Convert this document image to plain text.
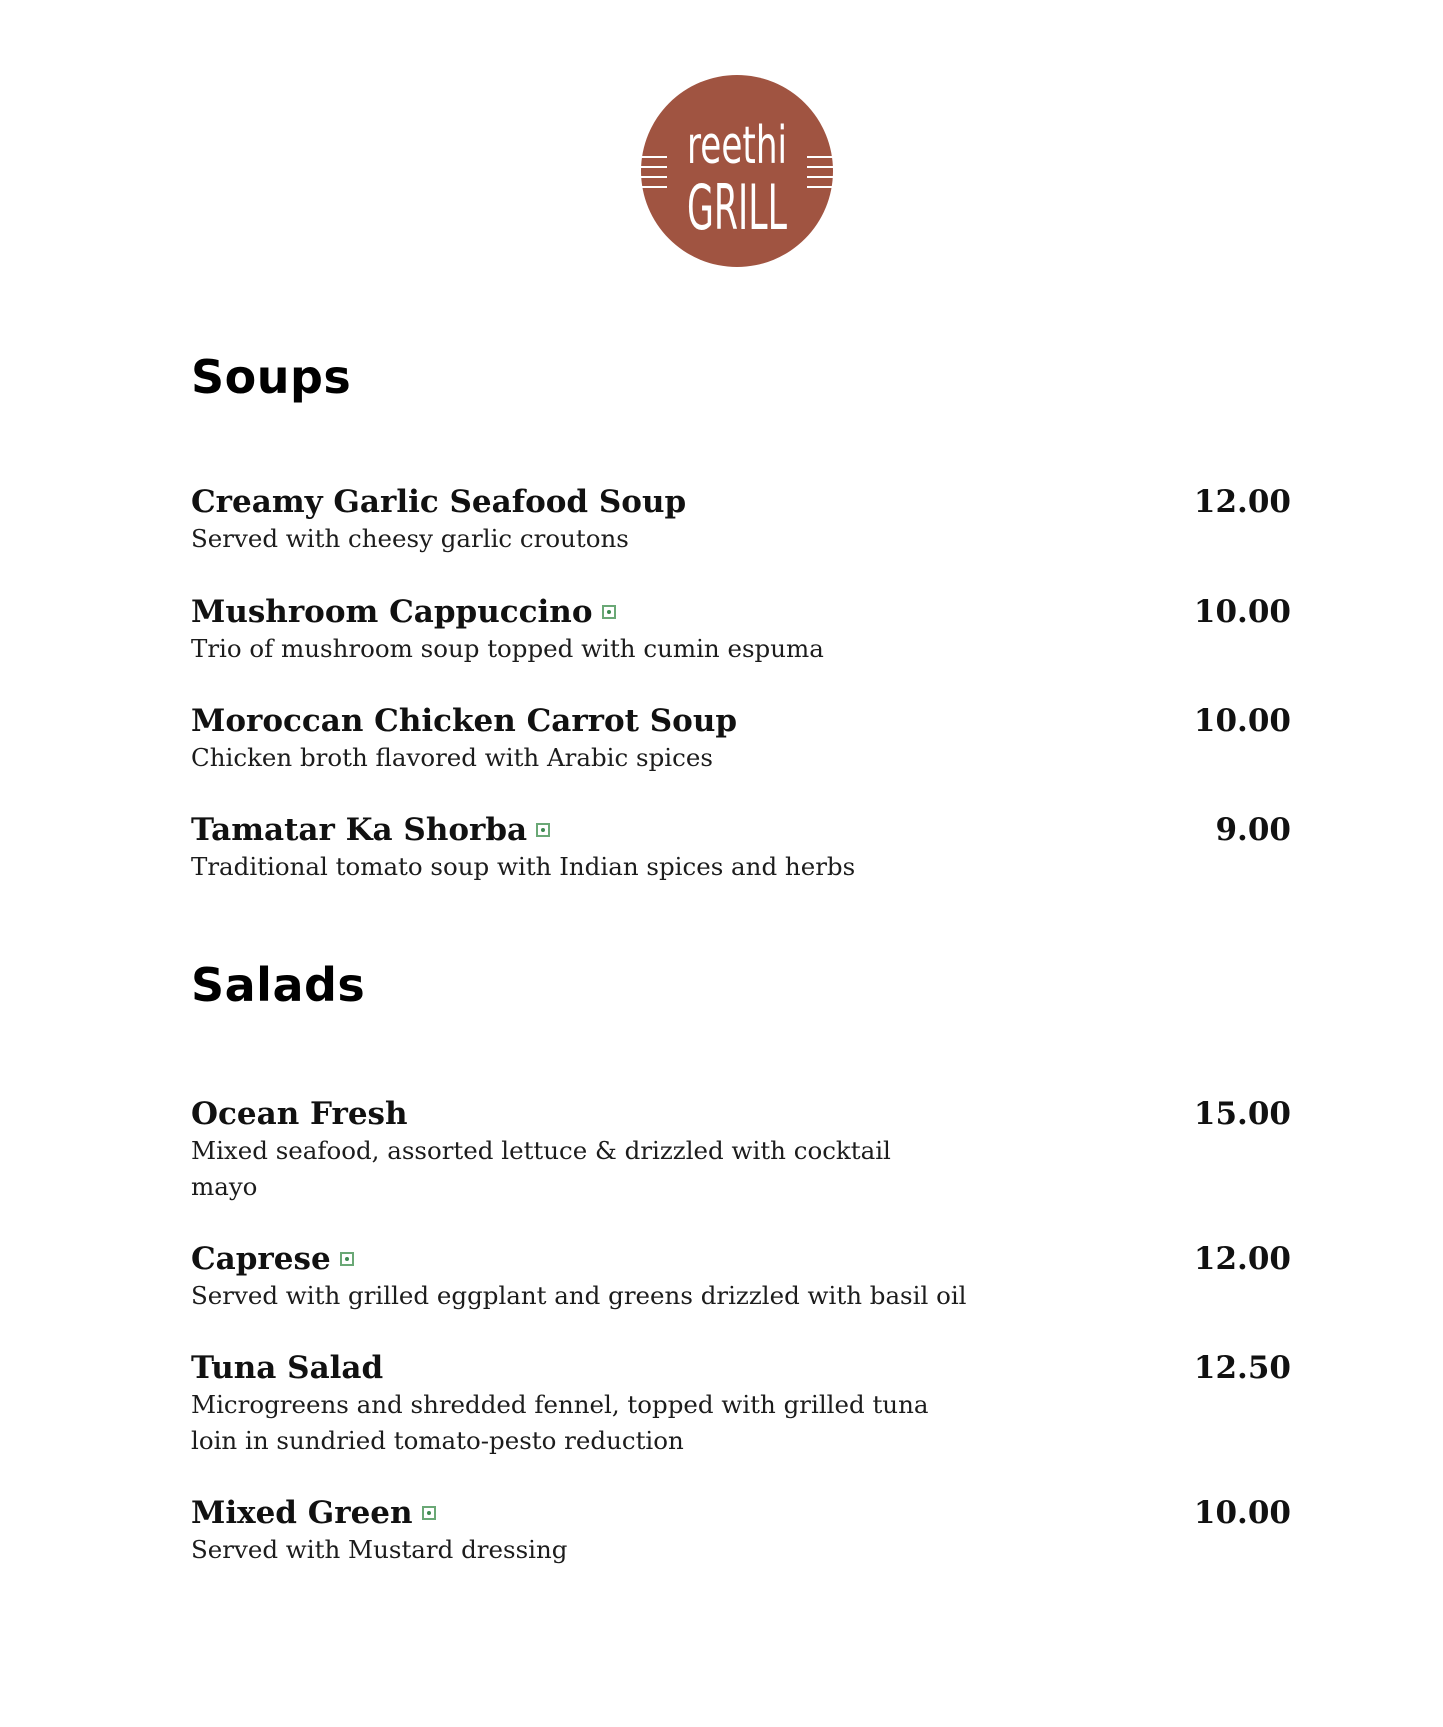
reethi
GRILL
Soups
Creamy Garlic Seafood Soup	12.00
Served with cheesy garlic croutons
Mushroom Cappuccino	10.00
Trio of mushroom soup topped with cumin espuma
Moroccan Chicken Carrot Soup	10.00
Chicken broth flavored with Arabic spices
Tamatar Ka Shorba	9.00
Traditional tomato soup with Indian spices and herbs
Salads
Ocean Fresh	15.00
Mixed seafood, assorted lettuce & drizzled with cocktail mayo
Caprese	12.00
Served with grilled eggplant and greens drizzled with basil oil
Tuna Salad	12.50
Microgreens and shredded fennel, topped with grilled tuna loin in sundried tomato-pesto reduction
Mixed Green	10.00
Served with Mustard dressing
